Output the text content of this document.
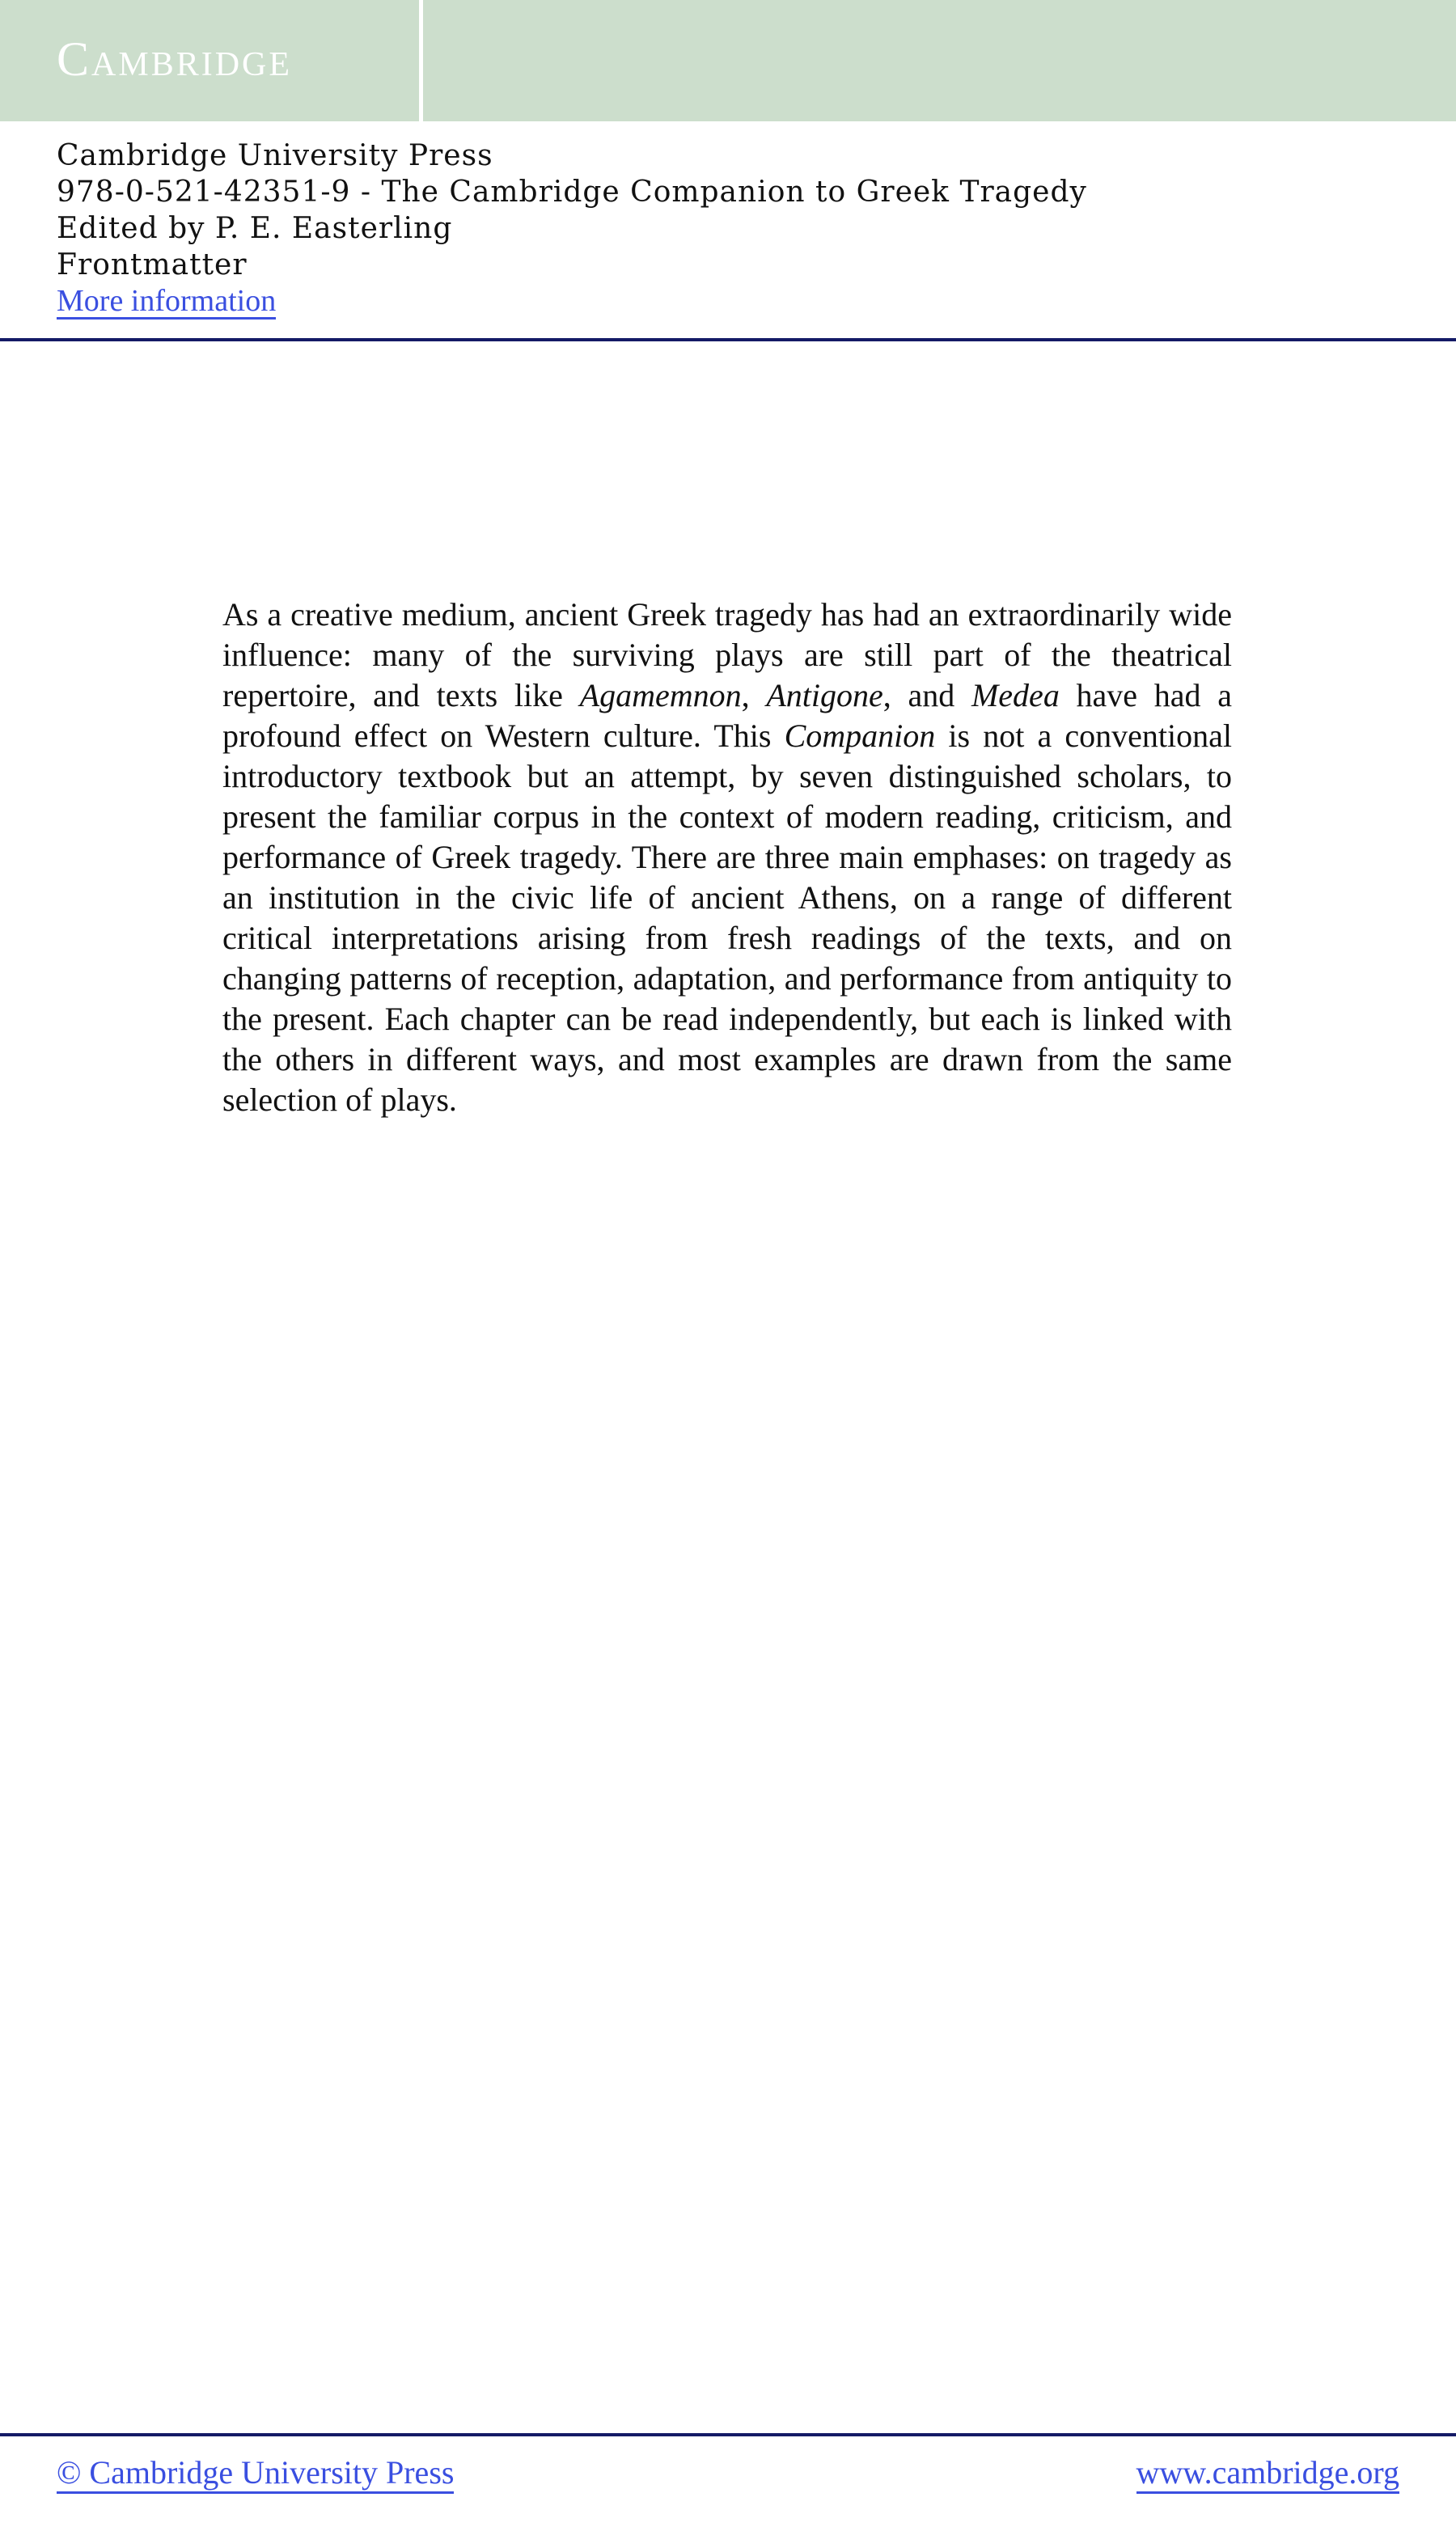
Cambridge
Cambridge University Press
978-0-521-42351-9 - The Cambridge Companion to Greek Tragedy
Edited by P. E. Easterling
Frontmatter
More information

As a creative medium, ancient Greek tragedy has had an extraordinarily wide influence: many of the surviving plays are still part of the theatrical repertoire, and texts like Agamemnon, Antigone, and Medea have had a profound effect on Western culture. This Companion is not a conventional introductory textbook but an attempt, by seven distinguished scholars, to present the familiar corpus in the context of modern reading, criticism, and performance of Greek tragedy. There are three main emphases: on tragedy as an institution in the civic life of ancient Athens, on a range of different critical interpretations arising from fresh readings of the texts, and on changing patterns of reception, adaptation, and performance from antiquity to the present. Each chapter can be read independently, but each is linked with the others in different ways, and most examples are drawn from the same selection of plays.

© Cambridge University Press	www.cambridge.org
